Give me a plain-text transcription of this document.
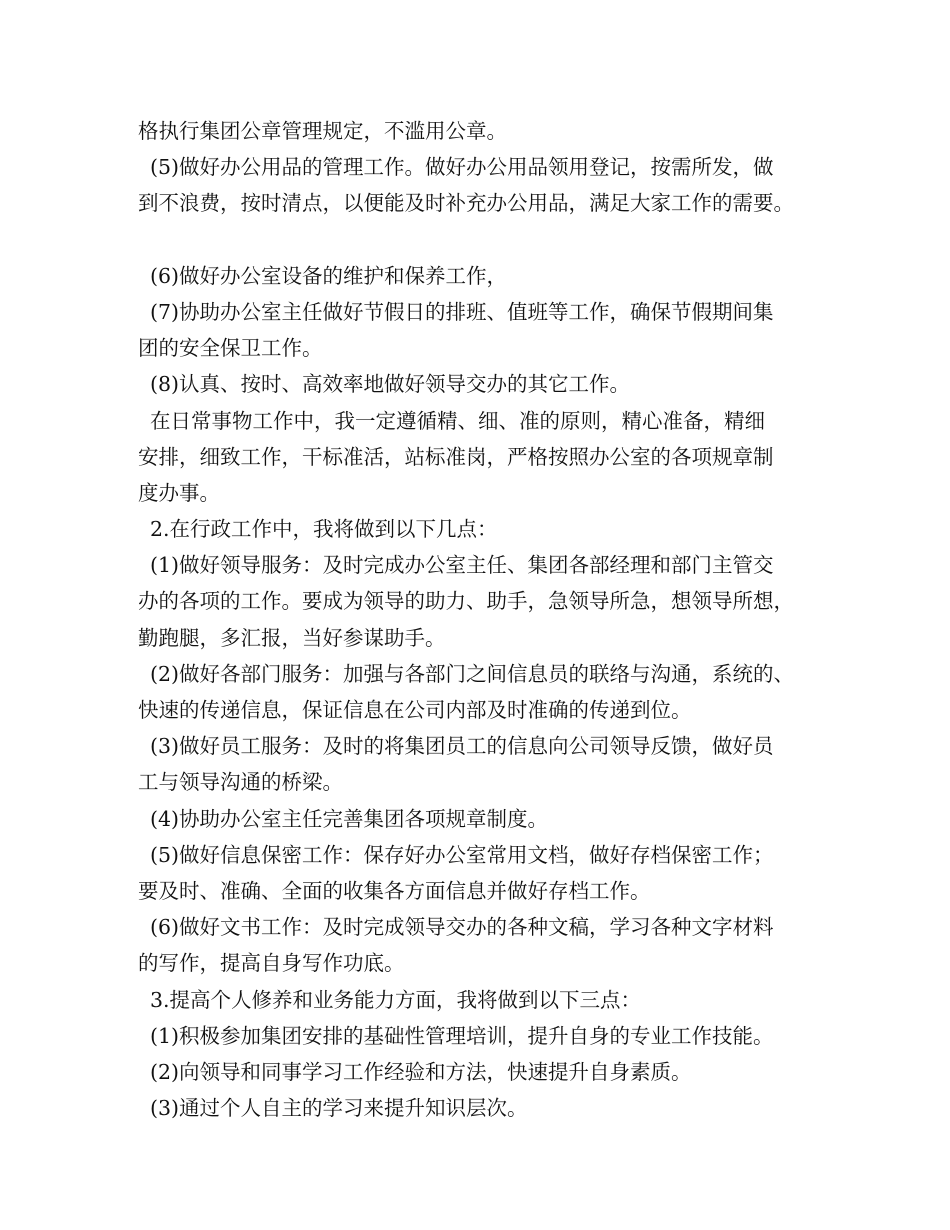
格执行集团公章管理规定，不滥用公章。
(5)做好办公用品的管理工作。做好办公用品领用登记，按需所发，做
到不浪费，按时清点，以便能及时补充办公用品，满足大家工作的需要。
(6)做好办公室设备的维护和保养工作，
(7)协助办公室主任做好节假日的排班、值班等工作，确保节假期间集
团的安全保卫工作。
(8)认真、按时、高效率地做好领导交办的其它工作。
在日常事物工作中，我一定遵循精、细、准的原则，精心准备，精细
安排，细致工作，干标准活，站标准岗，严格按照办公室的各项规章制
度办事。
2.在行政工作中，我将做到以下几点：
(1)做好领导服务：及时完成办公室主任、集团各部经理和部门主管交
办的各项的工作。要成为领导的助力、助手，急领导所急，想领导所想，
勤跑腿，多汇报，当好参谋助手。
(2)做好各部门服务：加强与各部门之间信息员的联络与沟通，系统的、
快速的传递信息，保证信息在公司内部及时准确的传递到位。
(3)做好员工服务：及时的将集团员工的信息向公司领导反馈，做好员
工与领导沟通的桥梁。
(4)协助办公室主任完善集团各项规章制度。
(5)做好信息保密工作：保存好办公室常用文档，做好存档保密工作；
要及时、准确、全面的收集各方面信息并做好存档工作。
(6)做好文书工作：及时完成领导交办的各种文稿，学习各种文字材料
的写作，提高自身写作功底。
3.提高个人修养和业务能力方面，我将做到以下三点：
(1)积极参加集团安排的基础性管理培训，提升自身的专业工作技能。
(2)向领导和同事学习工作经验和方法，快速提升自身素质。
(3)通过个人自主的学习来提升知识层次。
